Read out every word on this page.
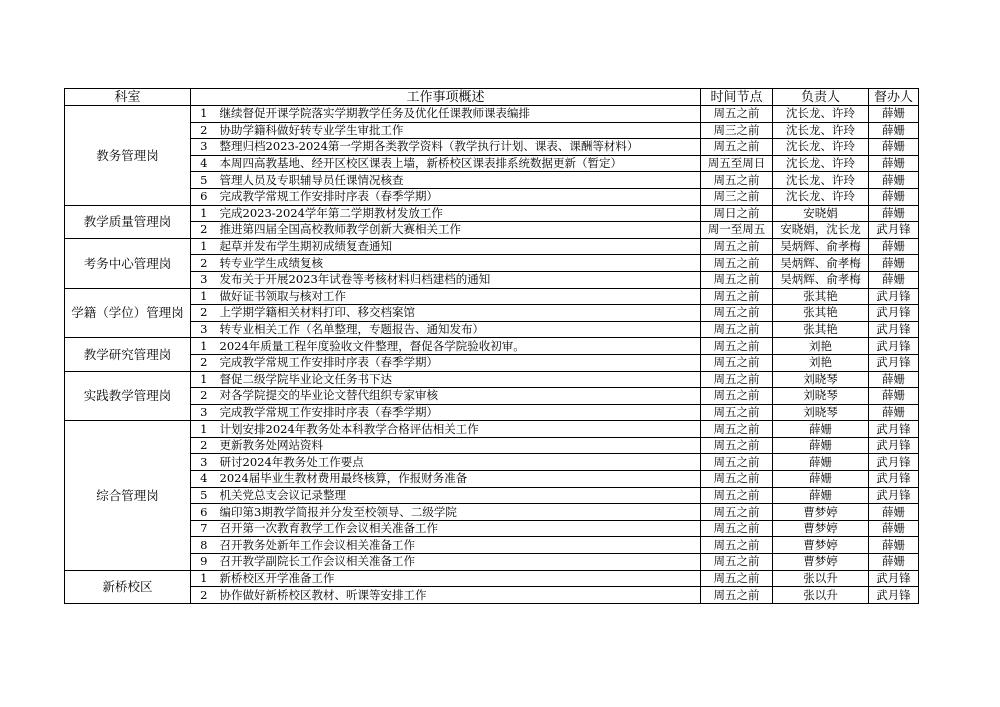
科室	工作事项概述		时间节点	负责人	督办人
教务管理岗	1	继续督促开课学院落实学期教学任务及优化任课教师课表编排	周五之前	沈长龙、许玲	薛姗
	2	协助学籍科做好转专业学生审批工作	周三之前	沈长龙、许玲	薛姗
	3	整理归档2023-2024第一学期各类教学资料（教学执行计划、课表、课酬等材料）	周五之前	沈长龙、许玲	薛姗
	4	本周四高教基地、经开区校区课表上墙，新桥校区课表排系统数据更新（暂定）	周五至周日	沈长龙、许玲	薛姗
	5	管理人员及专职辅导员任课情况核查	周五之前	沈长龙、许玲	薛姗
	6	完成教学常规工作安排时序表（春季学期）	周三之前	沈长龙、许玲	薛姗
教学质量管理岗	1	完成2023-2024学年第二学期教材发放工作	周日之前	安晓娟	薛姗
	2	推进第四届全国高校教师教学创新大赛相关工作	周一至周五	安晓娟，沈长龙	武月锋
考务中心管理岗	1	起草并发布学生期初成绩复查通知	周五之前	吴炳辉、俞孝梅	薛姗
	2	转专业学生成绩复核	周五之前	吴炳辉、俞孝梅	薛姗
	3	发布关于开展2023年试卷等考核材料归档建档的通知	周五之前	吴炳辉、俞孝梅	薛姗
学籍（学位）管理岗	1	做好证书领取与核对工作	周五之前	张其艳	武月锋
	2	上学期学籍相关材料打印、移交档案馆	周五之前	张其艳	武月锋
	3	转专业相关工作（名单整理，专题报告、通知发布）	周五之前	张其艳	武月锋
教学研究管理岗	1	2024年质量工程年度验收文件整理，督促各学院验收初审。	周五之前	刘艳	武月锋
	2	完成教学常规工作安排时序表（春季学期）	周五之前	刘艳	武月锋
实践教学管理岗	1	督促二级学院毕业论文任务书下达	周五之前	刘晓琴	薛姗
	2	对各学院提交的毕业论文替代组织专家审核	周五之前	刘晓琴	薛姗
	3	完成教学常规工作安排时序表（春季学期）	周五之前	刘晓琴	薛姗
综合管理岗	1	计划安排2024年教务处本科教学合格评估相关工作	周五之前	薛姗	武月锋
	2	更新教务处网站资料	周五之前	薛姗	武月锋
	3	研讨2024年教务处工作要点	周五之前	薛姗	武月锋
	4	2024届毕业生教材费用最终核算，作报财务准备	周五之前	薛姗	武月锋
	5	机关党总支会议记录整理	周五之前	薛姗	武月锋
	6	编印第3期教学简报并分发至校领导、二级学院	周五之前	曹梦婷	薛姗
	7	召开第一次教育教学工作会议相关准备工作	周五之前	曹梦婷	薛姗
	8	召开教务处新年工作会议相关准备工作	周五之前	曹梦婷	薛姗
	9	召开教学副院长工作会议相关准备工作	周五之前	曹梦婷	薛姗
新桥校区	1	新桥校区开学准备工作	周五之前	张以升	武月锋
	2	协作做好新桥校区教材、听课等安排工作	周五之前	张以升	武月锋
